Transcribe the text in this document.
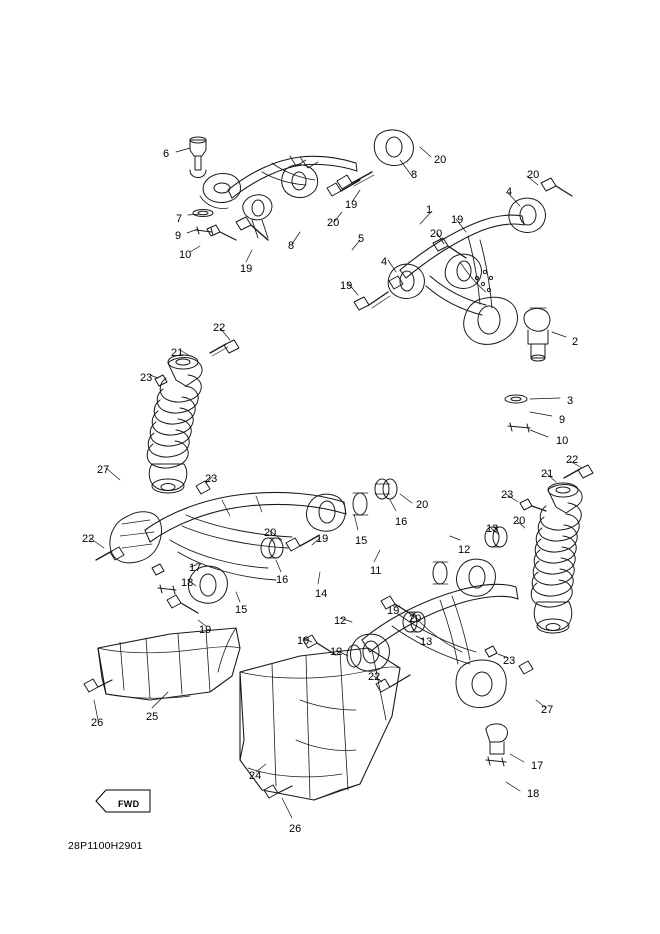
6	20
8	20
7
4
1
19
19
20
9
8
5	20
10
19
4
19
2
22
21
3
23
9
10
27
23
20
21
22
16
23
20	13
20
22	19 15
12
16
11
17
14
18
12
19
20
15
13
19
19
12
23
22
26	25
27
17
24
18
26
FWD
28P1100H2901
